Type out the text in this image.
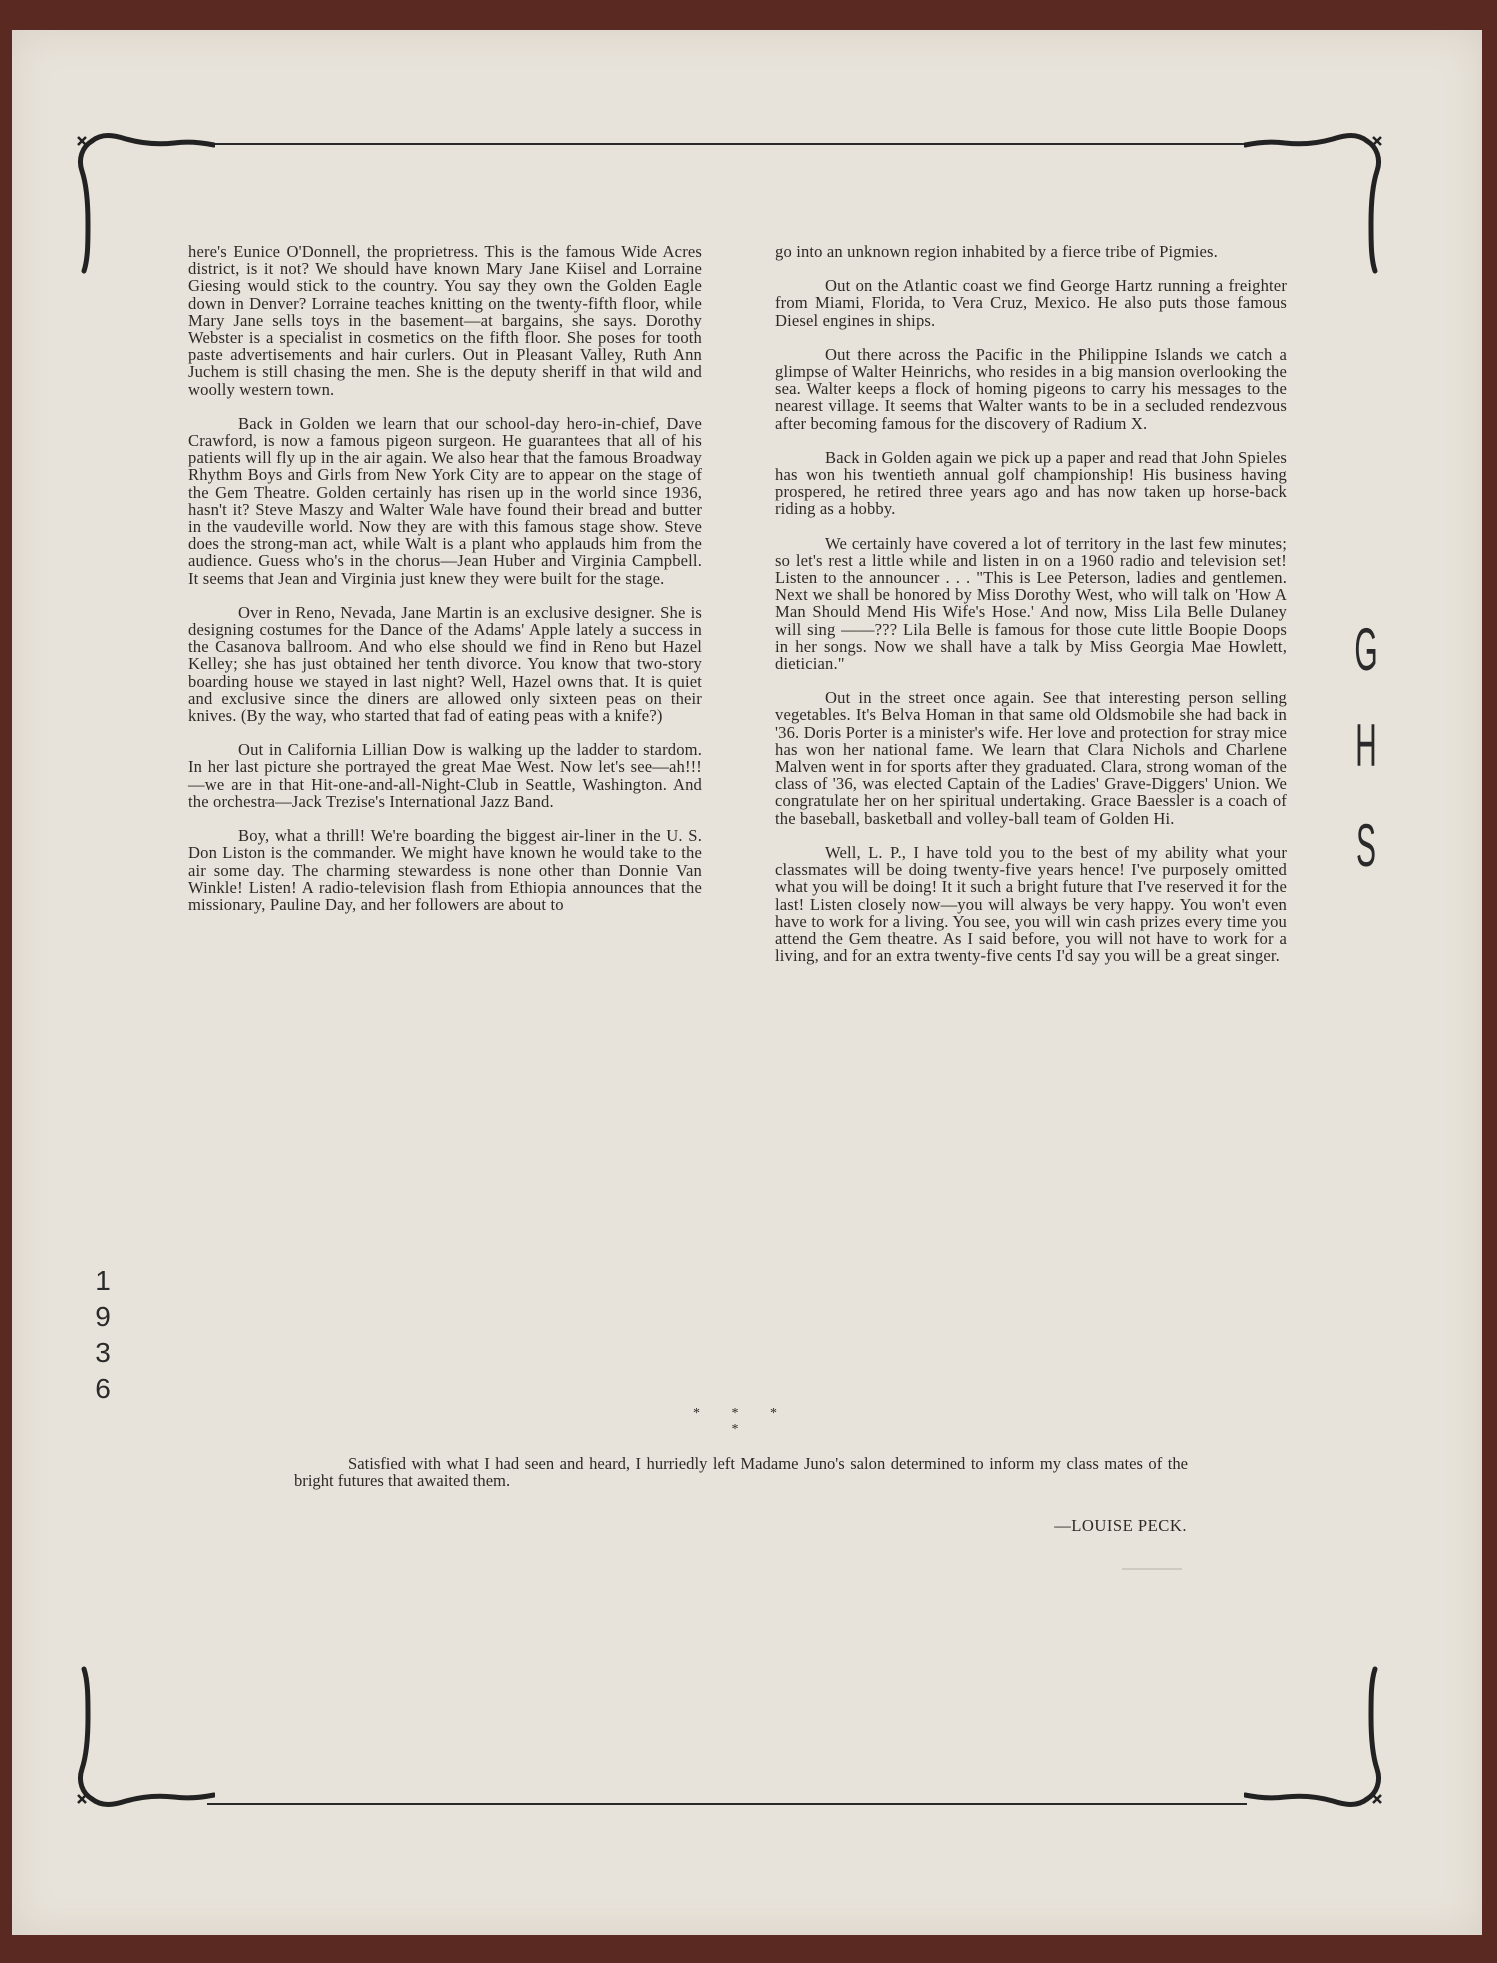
here's Eunice O'Donnell, the proprietress. This is the famous Wide Acres district, is it not? We should have known Mary Jane Kiisel and Lorraine Giesing would stick to the country. You say they own the Golden Eagle down in Denver? Lorraine teaches knitting on the twenty-fifth floor, while Mary Jane sells toys in the basement—at bargains, she says. Dorothy Webster is a specialist in cosmetics on the fifth floor. She poses for tooth paste advertisements and hair curlers. Out in Pleasant Valley, Ruth Ann Juchem is still chasing the men. She is the deputy sheriff in that wild and woolly western town.

Back in Golden we learn that our school-day hero-in-chief, Dave Crawford, is now a famous pigeon surgeon. He guarantees that all of his patients will fly up in the air again. We also hear that the famous Broadway Rhythm Boys and Girls from New York City are to appear on the stage of the Gem Theatre. Golden certainly has risen up in the world since 1936, hasn't it? Steve Maszy and Walter Wale have found their bread and butter in the vaudeville world. Now they are with this famous stage show. Steve does the strong-man act, while Walt is a plant who applauds him from the audience. Guess who's in the chorus—Jean Huber and Virginia Campbell. It seems that Jean and Virginia just knew they were built for the stage.

Over in Reno, Nevada, Jane Martin is an exclusive designer. She is designing costumes for the Dance of the Adams' Apple lately a success in the Casanova ballroom. And who else should we find in Reno but Hazel Kelley; she has just obtained her tenth divorce. You know that two-story boarding house we stayed in last night? Well, Hazel owns that. It is quiet and exclusive since the diners are allowed only sixteen peas on their knives. (By the way, who started that fad of eating peas with a knife?)

Out in California Lillian Dow is walking up the ladder to stardom. In her last picture she portrayed the great Mae West. Now let's see—ah!!!—we are in that Hit-one-and-all-Night-Club in Seattle, Washington. And the orchestra—Jack Trezise's International Jazz Band.

Boy, what a thrill! We're boarding the biggest air-liner in the U. S. Don Liston is the commander. We might have known he would take to the air some day. The charming stewardess is none other than Donnie Van Winkle! Listen! A radio-television flash from Ethiopia announces that the missionary, Pauline Day, and her followers are about to

go into an unknown region inhabited by a fierce tribe of Pigmies.

Out on the Atlantic coast we find George Hartz running a freighter from Miami, Florida, to Vera Cruz, Mexico. He also puts those famous Diesel engines in ships.

Out there across the Pacific in the Philippine Islands we catch a glimpse of Walter Heinrichs, who resides in a big mansion overlooking the sea. Walter keeps a flock of homing pigeons to carry his messages to the nearest village. It seems that Walter wants to be in a secluded rendezvous after becoming famous for the discovery of Radium X.

Back in Golden again we pick up a paper and read that John Spieles has won his twentieth annual golf championship! His business having prospered, he retired three years ago and has now taken up horse-back riding as a hobby.

We certainly have covered a lot of territory in the last few minutes; so let's rest a little while and listen in on a 1960 radio and television set! Listen to the announcer . . . "This is Lee Peterson, ladies and gentlemen. Next we shall be honored by Miss Dorothy West, who will talk on 'How A Man Should Mend His Wife's Hose.' And now, Miss Lila Belle Dulaney will sing ——??? Lila Belle is famous for those cute little Boopie Doops in her songs. Now we shall have a talk by Miss Georgia Mae Howlett, dietician."

Out in the street once again. See that interesting person selling vegetables. It's Belva Homan in that same old Oldsmobile she had back in '36. Doris Porter is a minister's wife. Her love and protection for stray mice has won her national fame. We learn that Clara Nichols and Charlene Malven went in for sports after they graduated. Clara, strong woman of the class of '36, was elected Captain of the Ladies' Grave-Diggers' Union. We congratulate her on her spiritual undertaking. Grace Baessler is a coach of the baseball, basketball and volley-ball team of Golden Hi.

Well, L. P., I have told you to the best of my ability what your classmates will be doing twenty-five years hence! I've purposely omitted what you will be doing! It it such a bright future that I've reserved it for the last! Listen closely now—you will always be very happy. You won't even have to work for a living. You see, you will win cash prizes every time you attend the Gem theatre. As I said before, you will not have to work for a living, and for an extra twenty-five cents I'd say you will be a great singer.

1
9
3
6
G
H
S
* * * *

Satisfied with what I had seen and heard, I hurriedly left Madame Juno's salon determined to inform my class mates of the bright futures that awaited them.

—LOUISE PECK.
